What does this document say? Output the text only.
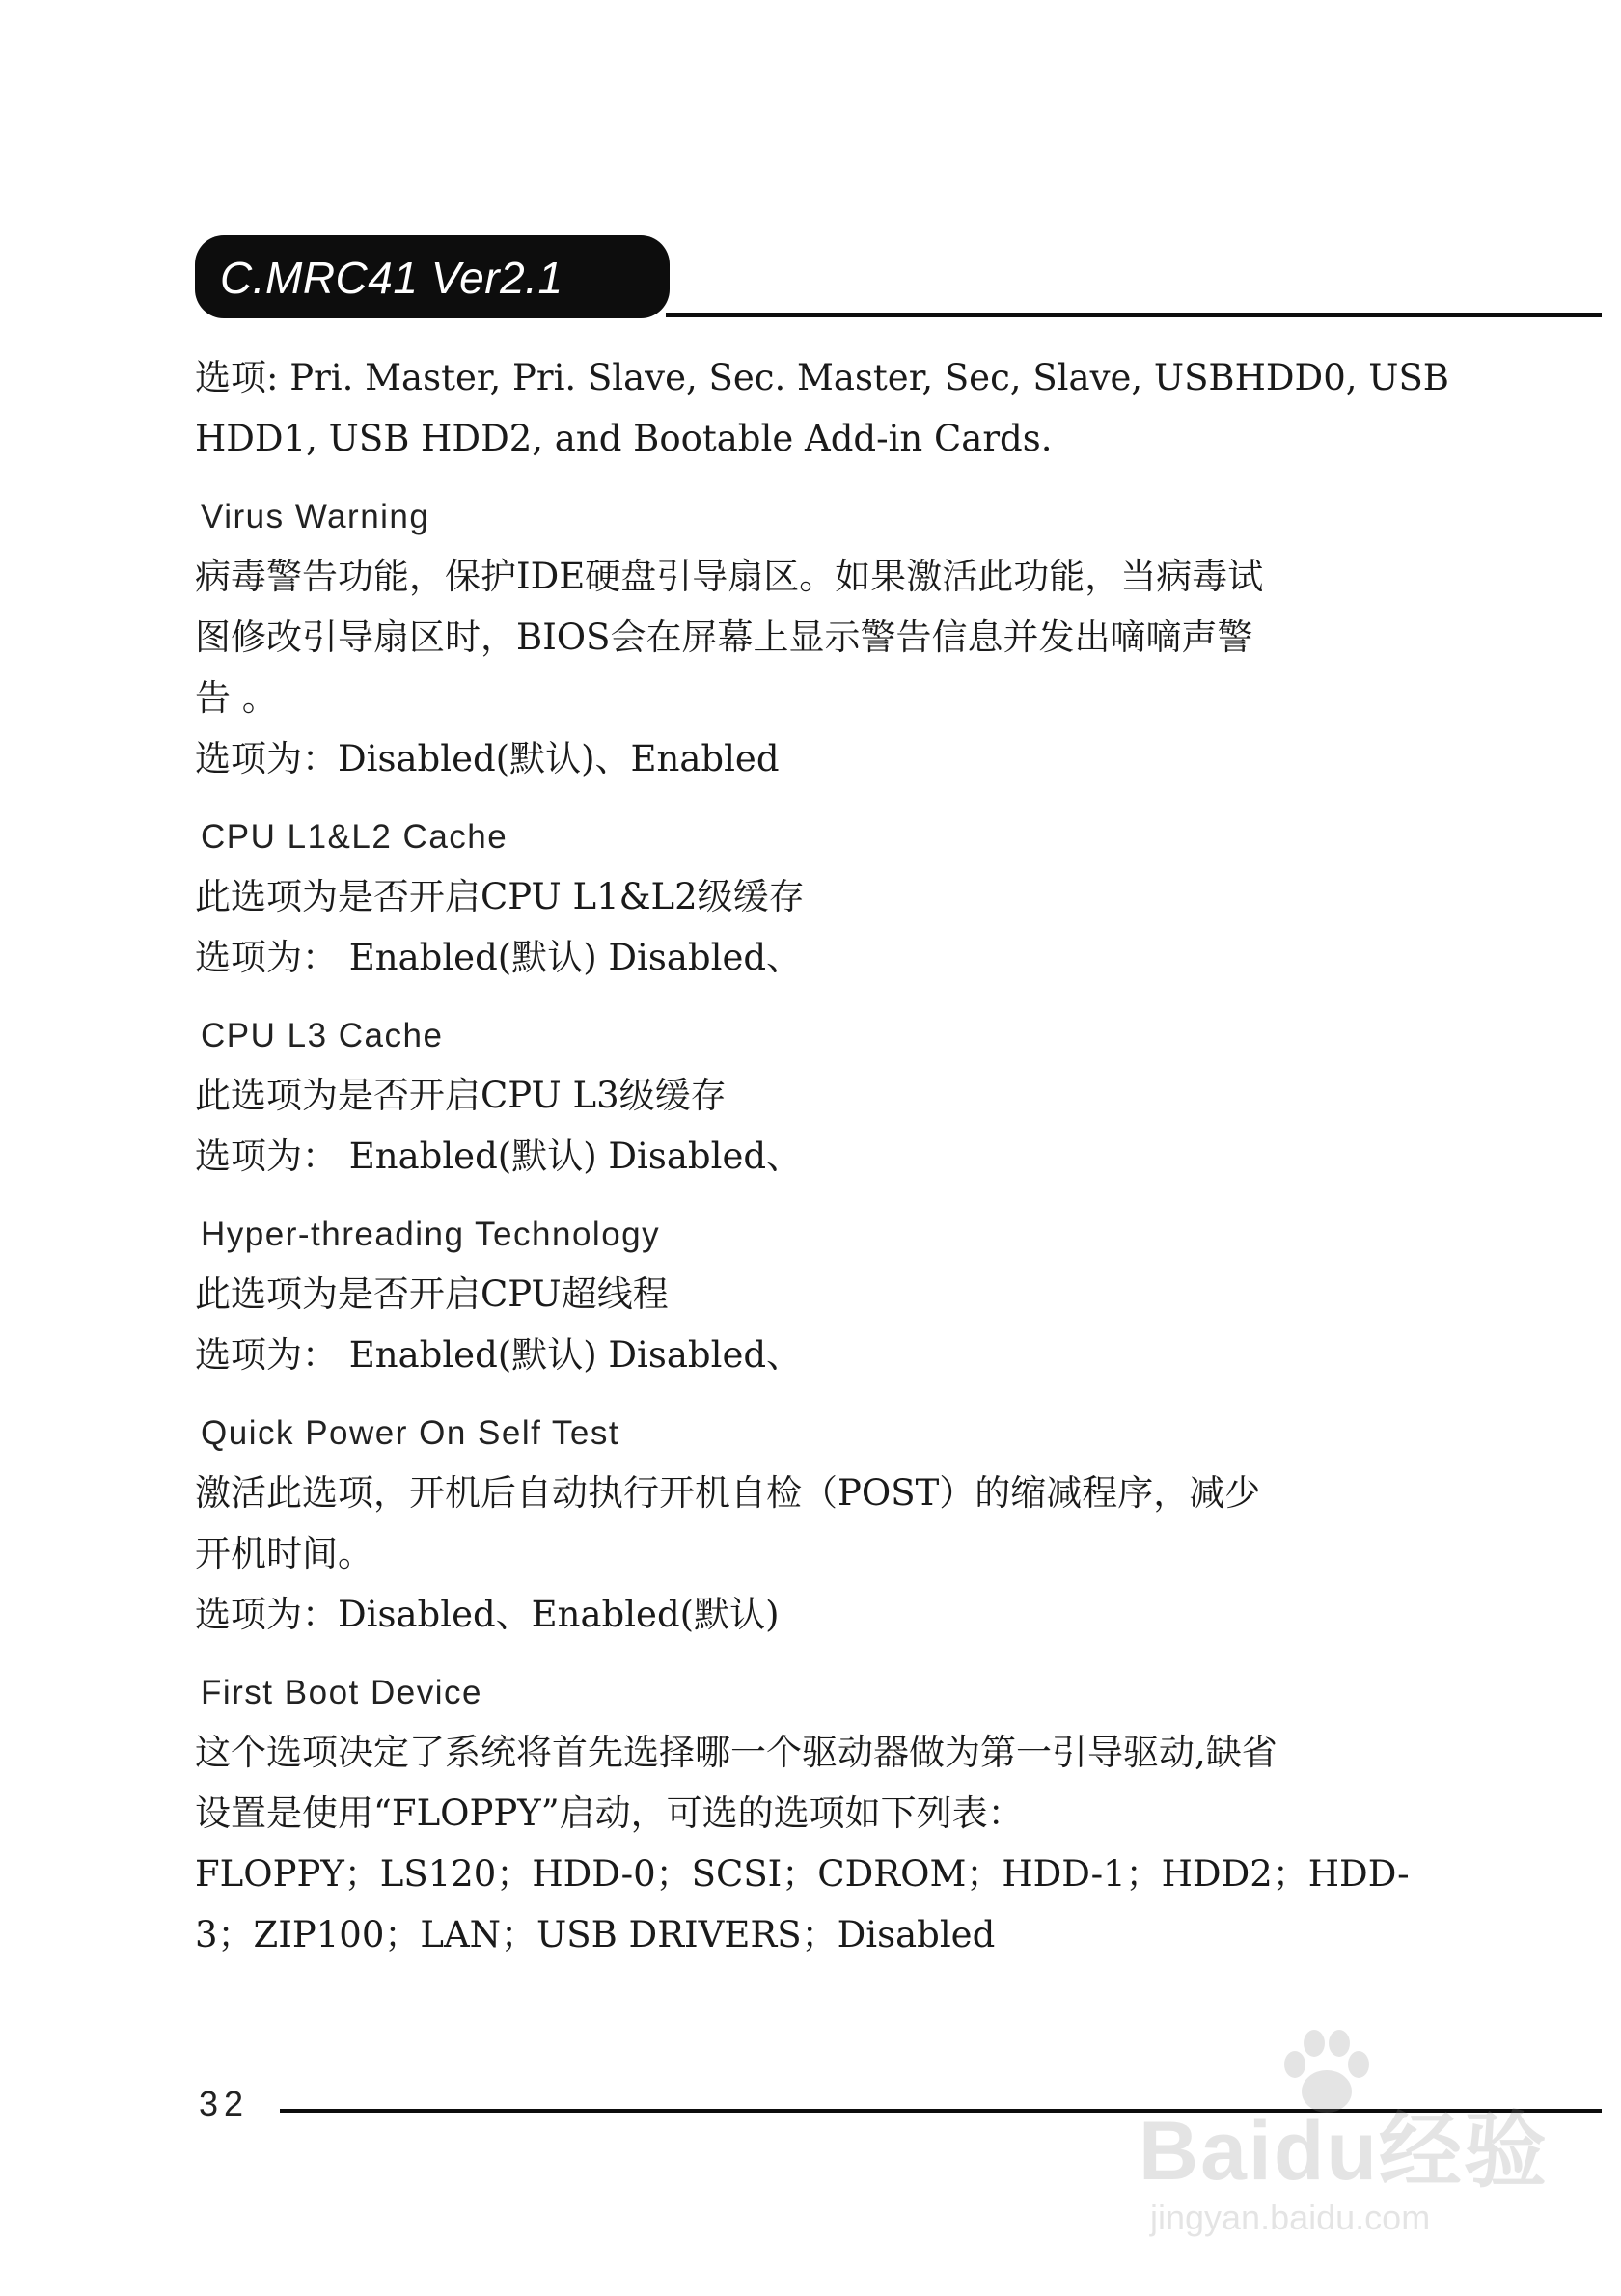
C.MRC41 Ver2.1
选项: Pri. Master, Pri. Slave, Sec. Master, Sec, Slave, USBHDD0, USB
HDD1, USB HDD2, and Bootable Add-in Cards.
Virus Warning
病毒警告功能，保护IDE硬盘引导扇区。如果激活此功能，当病毒试
图修改引导扇区时，BIOS会在屏幕上显示警告信息并发出嘀嘀声警
告 。
选项为：Disabled(默认)、Enabled
CPU L1&L2 Cache
此选项为是否开启CPU L1&L2级缓存
选项为： Enabled(默认) Disabled、
CPU L3 Cache
此选项为是否开启CPU L3级缓存
选项为： Enabled(默认) Disabled、
Hyper-threading Technology
此选项为是否开启CPU超线程
选项为： Enabled(默认) Disabled、
Quick Power On Self Test
激活此选项，开机后自动执行开机自检（POST）的缩减程序，减少
开机时间。
选项为：Disabled、Enabled(默认)
First Boot Device
这个选项决定了系统将首先选择哪一个驱动器做为第一引导驱动,缺省
设置是使用“FLOPPY”启动，可选的选项如下列表：
FLOPPY；LS120；HDD-0；SCSI；CDROM；HDD-1；HDD2；HDD-
3；ZIP100；LAN；USB DRIVERS；Disabled
32
Baidu经验
jingyan.baidu.com
